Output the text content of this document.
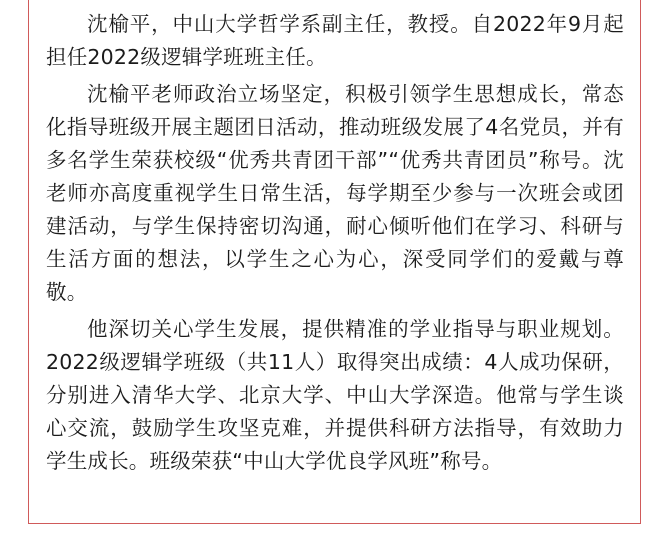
沈榆平，中山大学哲学系副主任，教授。自2022年9月起担任2022级逻辑学班班主任。

沈榆平老师政治立场坚定，积极引领学生思想成长，常态化指导班级开展主题团日活动，推动班级发展了4名党员，并有多名学生荣获校级“优秀共青团干部”“优秀共青团员”称号。沈老师亦高度重视学生日常生活，每学期至少参与一次班会或团建活动，与学生保持密切沟通，耐心倾听他们在学习、科研与生活方面的想法，以学生之心为心，深受同学们的爱戴与尊敬。

他深切关心学生发展，提供精准的学业指导与职业规划。2022级逻辑学班级（共11人）取得突出成绩：4人成功保研，分别进入清华大学、北京大学、中山大学深造。他常与学生谈心交流，鼓励学生攻坚克难，并提供科研方法指导，有效助力学生成长。班级荣获“中山大学优良学风班”称号。
